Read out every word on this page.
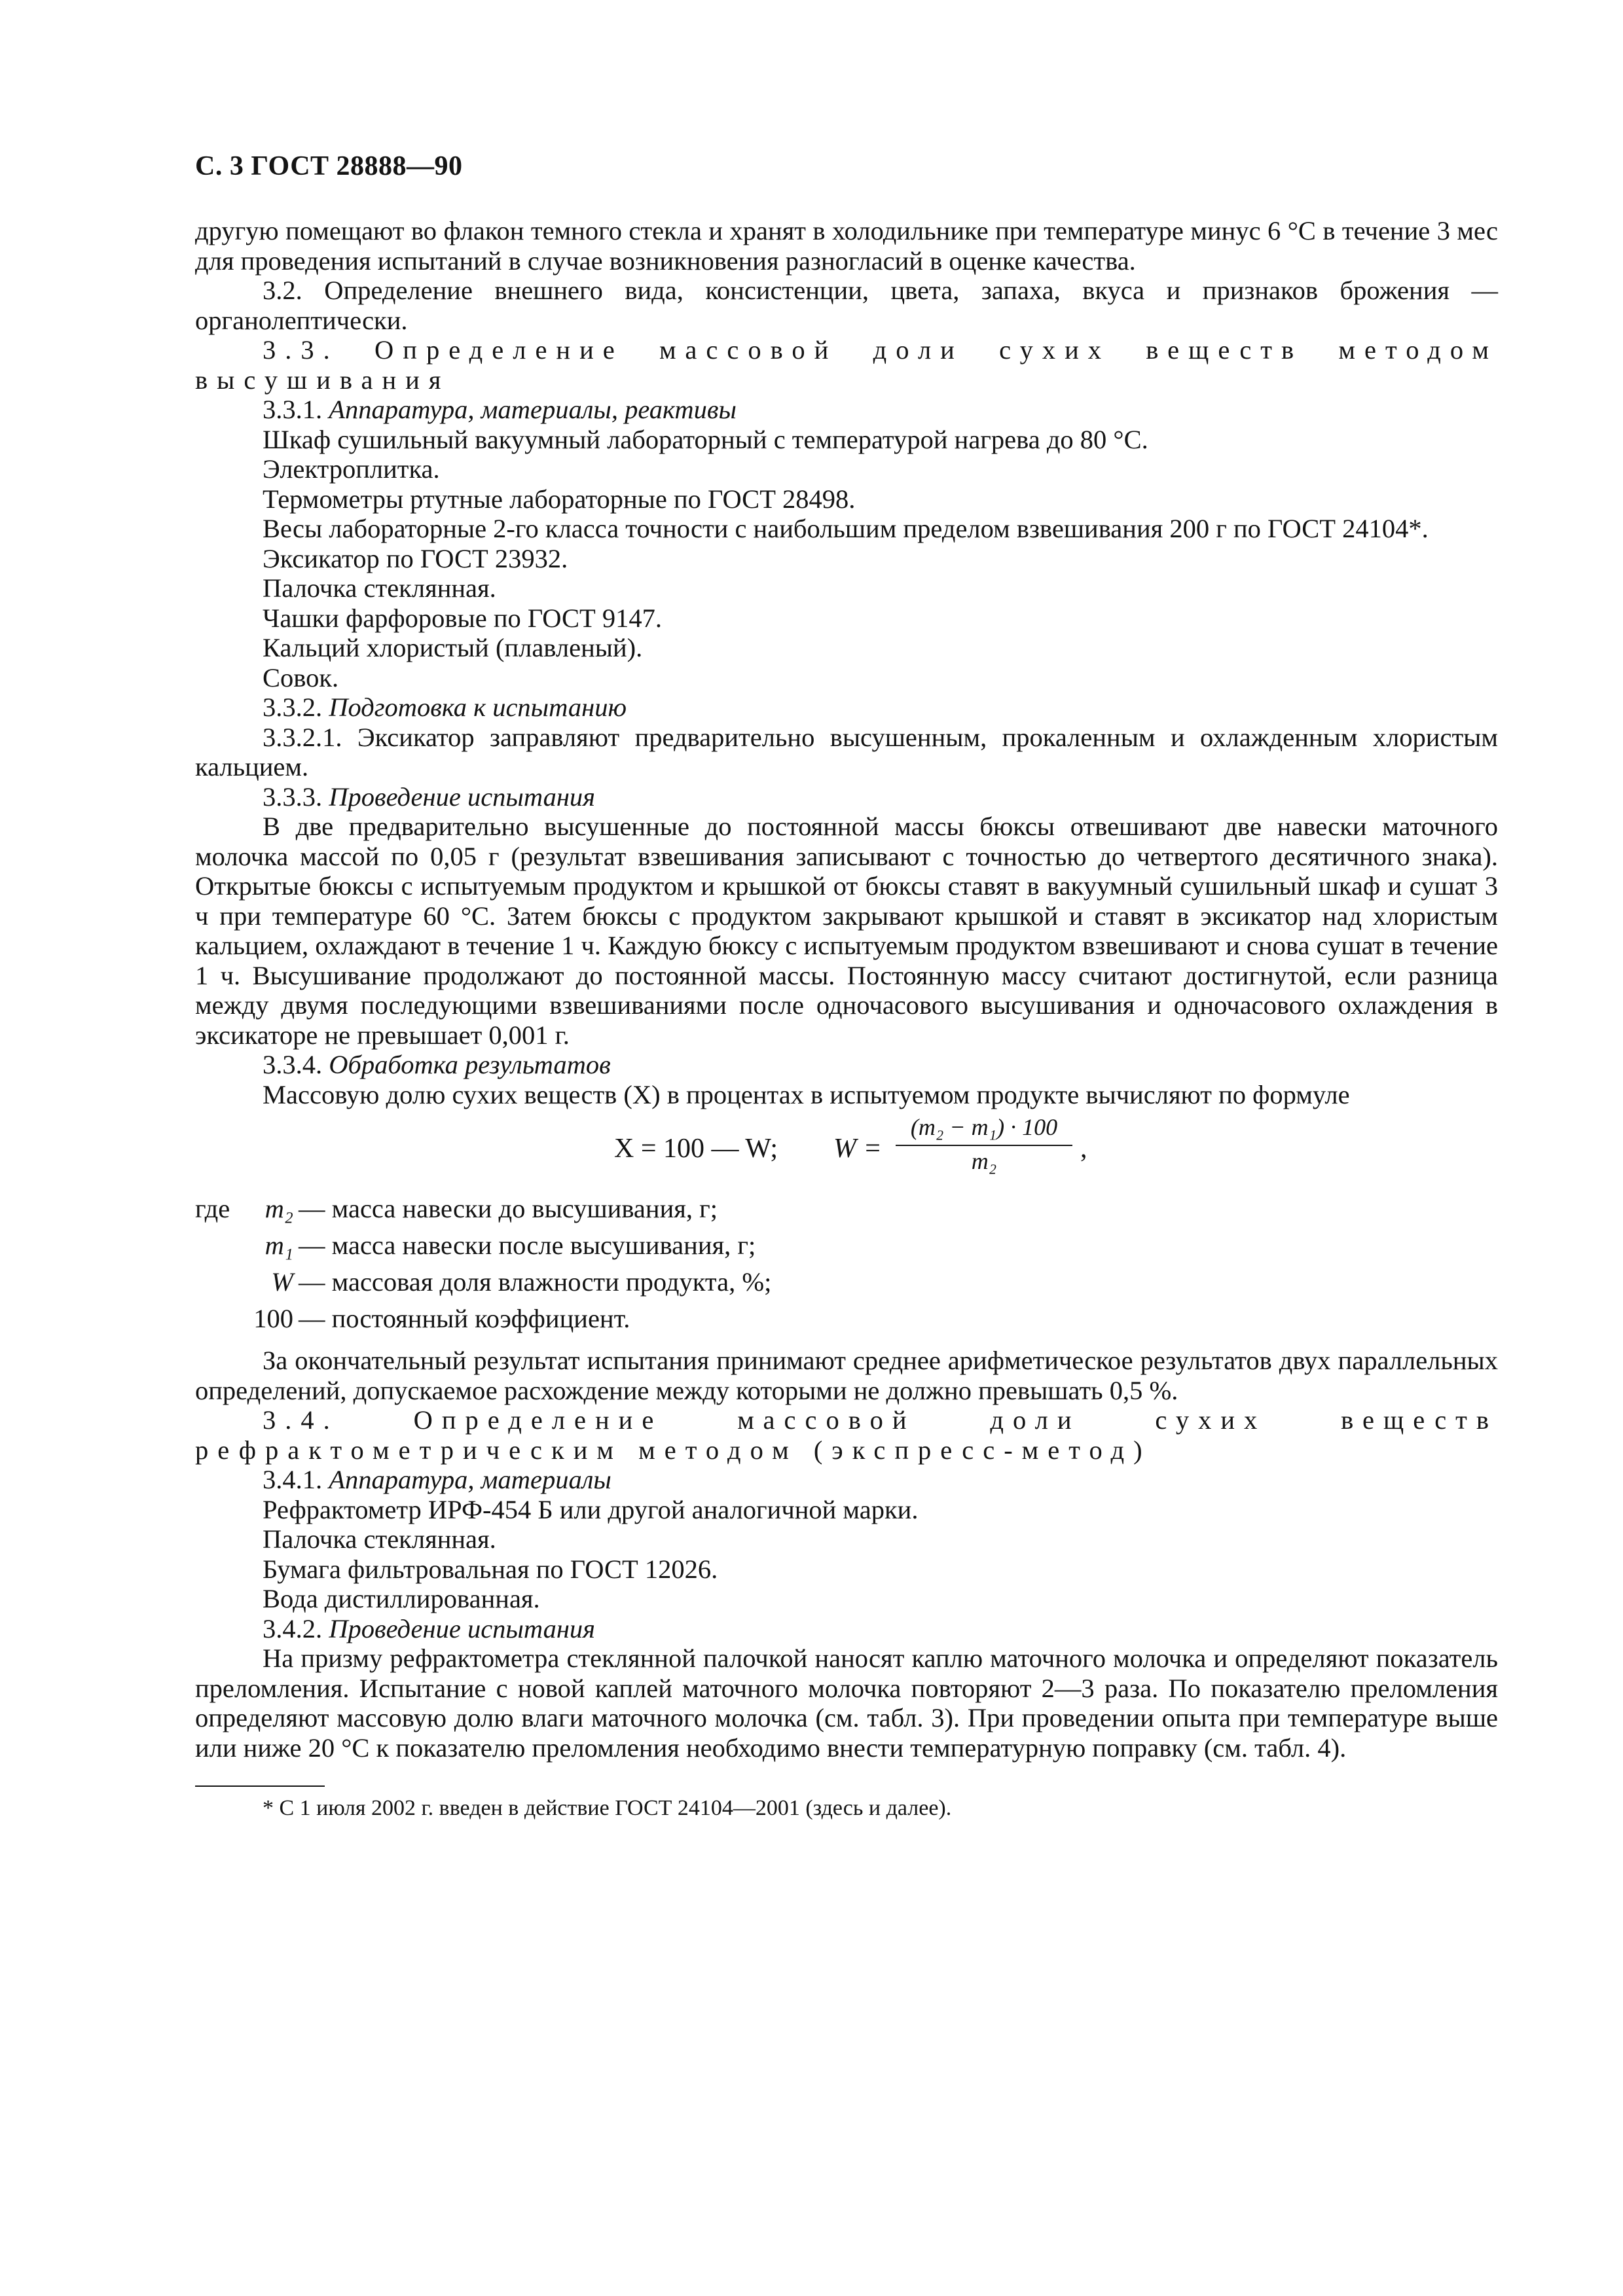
С. 3 ГОСТ 28888—90

другую помещают во флакон темного стекла и хранят в холодильнике при температуре минус 6 °С в течение 3 мес для проведения испытаний в случае возникновения разногласий в оценке качества.

3.2. Определение внешнего вида, консистенции, цвета, запаха, вкуса и признаков брожения — органолептически.

3.3. Определение массовой доли сухих веществ методом высушивания

3.3.1. Аппаратура, материалы, реактивы
Шкаф сушильный вакуумный лабораторный с температурой нагрева до 80 °С.
Электроплитка.
Термометры ртутные лабораторные по ГОСТ 28498.

Весы лабораторные 2-го класса точности с наибольшим пределом взвешивания 200 г по ГОСТ 24104*.

Эксикатор по ГОСТ 23932.
Палочка стеклянная.
Чашки фарфоровые по ГОСТ 9147.
Кальций хлористый (плавленый).
Совок.
3.3.2. Подготовка к испытанию

3.3.2.1. Эксикатор заправляют предварительно высушенным, прокаленным и охлажденным хлористым кальцием.

3.3.3. Проведение испытания

В две предварительно высушенные до постоянной массы бюксы отвешивают две навески маточного молочка массой по 0,05 г (результат взвешивания записывают с точностью до четвертого десятичного знака). Открытые бюксы с испытуемым продуктом и крышкой от бюксы ставят в вакуумный сушильный шкаф и сушат 3 ч при температуре 60 °С. Затем бюксы с продуктом закрывают крышкой и ставят в эксикатор над хлористым кальцием, охлаждают в течение 1 ч. Каждую бюксу с испытуемым продуктом взвешивают и снова сушат в течение 1 ч. Высушивание продолжают до постоянной массы. Постоянную массу считают достигнутой, если разница между двумя последующими взвешиваниями после одночасового высушивания и одночасового охлаждения в эксикаторе не превышает 0,001 г.

3.3.4. Обработка результатов
Массовую долю сухих веществ (X) в процентах в испытуемом продукте вычисляют по формуле
X = 100 — W; $W = \frac{\text{(m₂ − m₁) · 100}}{\text{m₂}}$ ,
где	m₂ — масса навески до высушивания, г;
m₁ — масса навески после высушивания, г;
W — массовая доля влажности продукта, %;
100 — постоянный коэффициент.

За окончательный результат испытания принимают среднее арифметическое результатов двух параллельных определений, допускаемое расхождение между которыми не должно превышать 0,5 %.

3.4. Определение массовой доли сухих веществ рефрактометрическим методом (экспресс-метод)

3.4.1. Аппаратура, материалы
Рефрактометр ИРФ-454 Б или другой аналогичной марки.
Палочка стеклянная.
Бумага фильтровальная по ГОСТ 12026.
Вода дистиллированная.
3.4.2. Проведение испытания

На призму рефрактометра стеклянной палочкой наносят каплю маточного молочка и определяют показатель преломления. Испытание с новой каплей маточного молочка повторяют 2—3 раза. По показателю преломления определяют массовую долю влаги маточного молочка (см. табл. 3). При проведении опыта при температуре выше или ниже 20 °С к показателю преломления необходимо внести температурную поправку (см. табл. 4).

* С 1 июля 2002 г. введен в действие ГОСТ 24104—2001 (здесь и далее).
